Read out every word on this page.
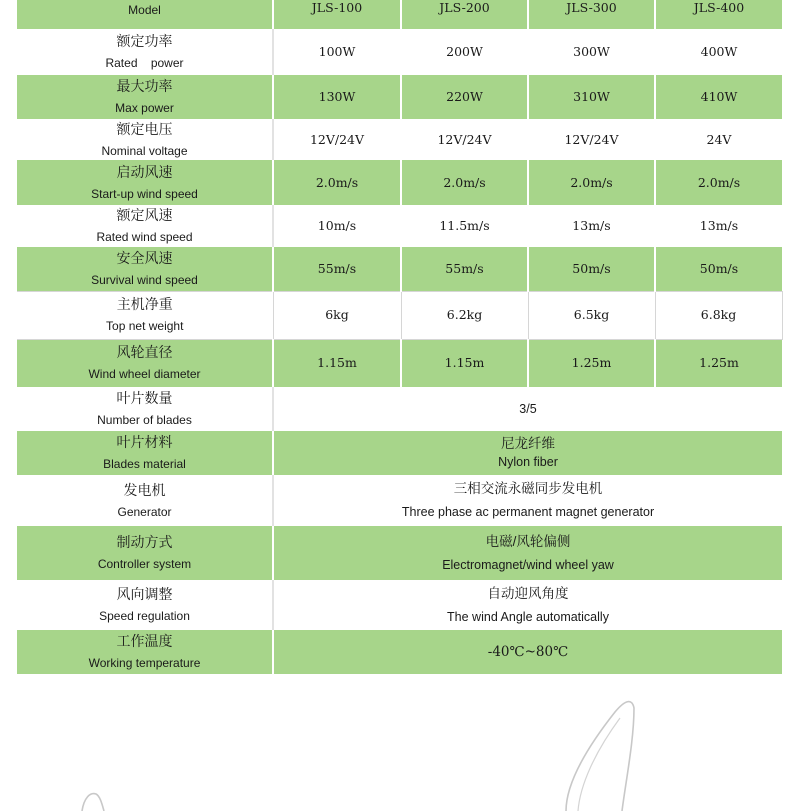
Model	JLS-100	JLS-200	JLS-300	JLS-400

额定功率
Rated    power	100W	200W	300W	400W

最大功率
Max power	130W	220W	310W	410W

额定电压
Nominal voltage	12V/24V	12V/24V	12V/24V	24V

启动风速
Start-up wind speed	2.0m/s	2.0m/s	2.0m/s	2.0m/s

额定风速
Rated wind speed	10m/s	11.5m/s	13m/s	13m/s

安全风速
Survival wind speed	55m/s	55m/s	50m/s	50m/s

主机净重
Top net weight	6kg	6.2kg	6.5kg	6.8kg

风轮直径
Wind wheel diameter	1.15m	1.15m	1.25m	1.25m

叶片数量
Number of blades	3/5			

叶片材料
Blades material	尼龙纤维
Nylon fiber			

发电机
Generator	三相交流永磁同步发电机
Three phase ac permanent magnet generator			

制动方式
Controller system	电磁/风轮偏侧
Electromagnet/wind wheel yaw			

风向调整
Speed regulation	自动迎风角度
The wind Angle automatically			

工作温度
Working temperature	-40℃~80℃			
